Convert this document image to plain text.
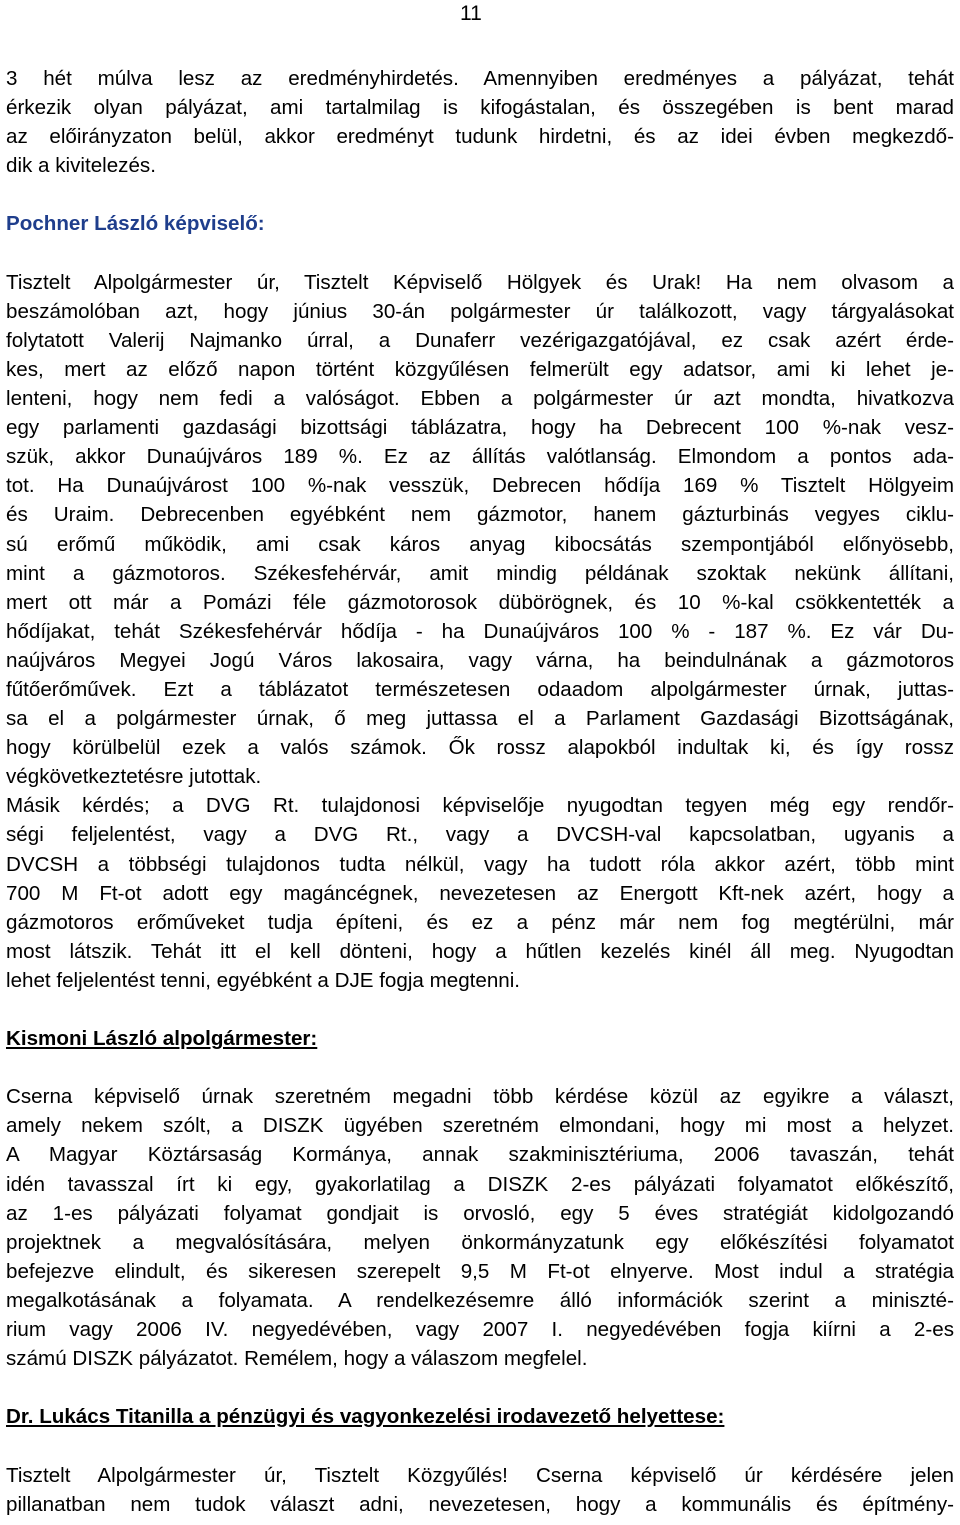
11
3 hét múlva lesz az eredményhirdetés. Amennyiben eredményes a pályázat, tehát
érkezik olyan pályázat, ami tartalmilag is kifogástalan, és összegében is bent marad
az előirányzaton belül, akkor eredményt tudunk hirdetni, és az idei évben megkezdő-
dik a kivitelezés.
Pochner László képviselő:
Tisztelt Alpolgármester úr, Tisztelt Képviselő Hölgyek és Urak! Ha nem olvasom a
beszámolóban azt, hogy június 30-án polgármester úr találkozott, vagy tárgyalásokat
folytatott Valerij Najmanko úrral, a Dunaferr vezérigazgatójával, ez csak azért érde-
kes, mert az előző napon történt közgyűlésen felmerült egy adatsor, ami ki lehet je-
lenteni, hogy nem fedi a valóságot. Ebben a polgármester úr azt mondta, hivatkozva
egy parlamenti gazdasági bizottsági táblázatra, hogy ha Debrecent 100 %-nak vesz-
szük, akkor Dunaújváros 189 %. Ez az állítás valótlanság. Elmondom a pontos ada-
tot. Ha Dunaújvárost 100 %-nak vesszük, Debrecen hődíja 169 % Tisztelt Hölgyeim
és Uraim. Debrecenben egyébként nem gázmotor, hanem gázturbinás vegyes ciklu-
sú erőmű működik, ami csak káros anyag kibocsátás szempontjából előnyösebb,
mint a gázmotoros. Székesfehérvár, amit mindig példának szoktak nekünk állítani,
mert ott már a Pomázi féle gázmotorosok dübörögnek, és 10 %-kal csökkentették a
hődíjakat, tehát Székesfehérvár hődíja - ha Dunaújváros 100 % - 187 %. Ez vár Du-
naújváros Megyei Jogú Város lakosaira, vagy várna, ha beindulnának a gázmotoros
fűtőerőművek. Ezt a táblázatot természetesen odaadom alpolgármester úrnak, juttas-
sa el a polgármester úrnak, ő meg juttassa el a Parlament Gazdasági Bizottságának,
hogy körülbelül ezek a valós számok. Ők rossz alapokból indultak ki, és így rossz
végkövetkeztetésre jutottak.
Másik kérdés; a DVG Rt. tulajdonosi képviselője nyugodtan tegyen még egy rendőr-
ségi feljelentést, vagy a DVG Rt., vagy a DVCSH-val kapcsolatban, ugyanis a
DVCSH a többségi tulajdonos tudta nélkül, vagy ha tudott róla akkor azért, több mint
700 M Ft-ot adott egy magáncégnek, nevezetesen az Energott Kft-nek azért, hogy a
gázmotoros erőműveket tudja építeni, és ez a pénz már nem fog megtérülni, már
most látszik. Tehát itt el kell dönteni, hogy a hűtlen kezelés kinél áll meg. Nyugodtan
lehet feljelentést tenni, egyébként a DJE fogja megtenni.
Kismoni László alpolgármester:
Cserna képviselő úrnak szeretném megadni több kérdése közül az egyikre a választ,
amely nekem szólt, a DISZK ügyében szeretném elmondani, hogy mi most a helyzet.
A Magyar Köztársaság Kormánya, annak szakminisztériuma, 2006 tavaszán, tehát
idén tavasszal írt ki egy, gyakorlatilag a DISZK 2-es pályázati folyamatot előkészítő,
az 1-es pályázati folyamat gondjait is orvosló, egy 5 éves stratégiát kidolgozandó
projektnek a megvalósítására, melyen önkormányzatunk egy előkészítési folyamatot
befejezve elindult, és sikeresen szerepelt 9,5 M Ft-ot elnyerve. Most indul a stratégia
megalkotásának a folyamata. A rendelkezésemre álló információk szerint a miniszté-
rium vagy 2006 IV. negyedévében, vagy 2007 I. negyedévében fogja kiírni a 2-es
számú DISZK pályázatot. Remélem, hogy a válaszom megfelel.
Dr. Lukács Titanilla a pénzügyi és vagyonkezelési irodavezető helyettese:
Tisztelt Alpolgármester úr, Tisztelt Közgyűlés! Cserna képviselő úr kérdésére jelen
pillanatban nem tudok választ adni, nevezetesen, hogy a kommunális és építmény-
